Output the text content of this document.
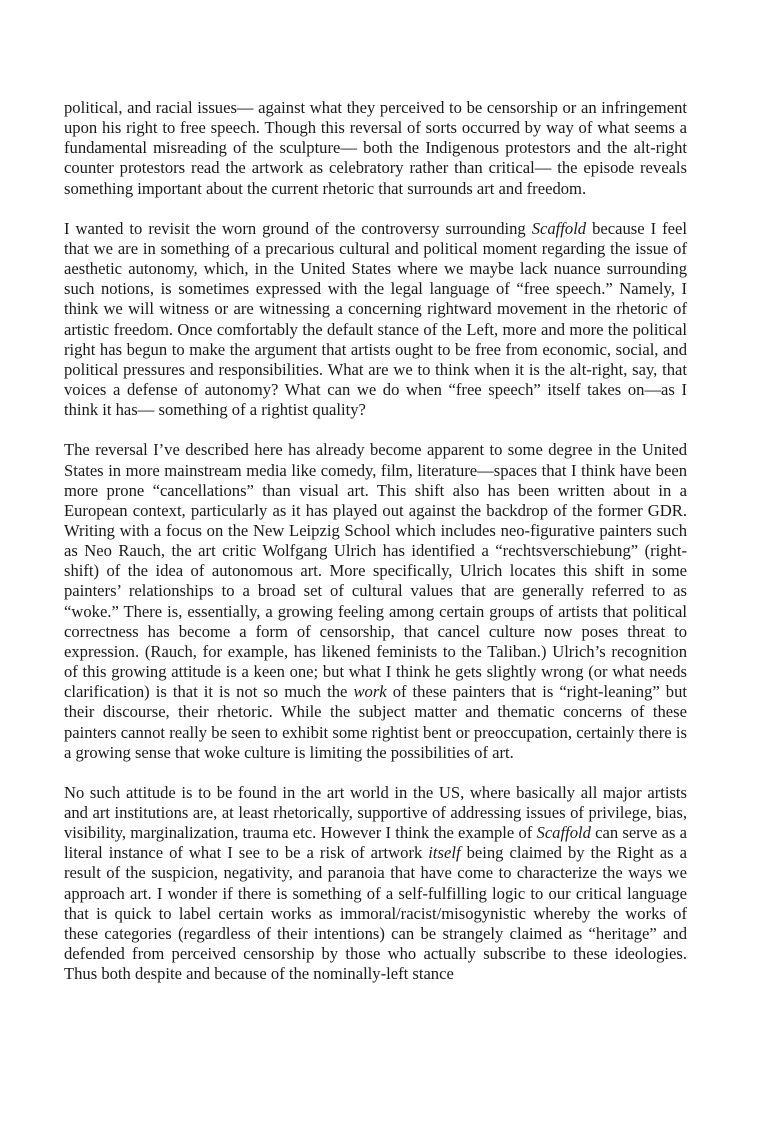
political, and racial issues— against what they perceived to be censorship or an infringement upon his right to free speech. Though this reversal of sorts occurred by way of what seems a fundamental misreading of the sculpture— both the Indigenous protestors and the alt-right counter protestors read the artwork as celebratory rather than critical— the episode reveals something important about the current rhetoric that surrounds art and freedom.

I wanted to revisit the worn ground of the controversy surrounding Scaffold because I feel that we are in something of a precarious cultural and political moment regarding the issue of aesthetic autonomy, which, in the United States where we maybe lack nuance surrounding such notions, is sometimes expressed with the legal language of “free speech.” Namely, I think we will witness or are witnessing a concerning rightward movement in the rhetoric of artistic freedom. Once comfortably the default stance of the Left, more and more the political right has begun to make the argument that artists ought to be free from economic, social, and political pressures and responsibilities. What are we to think when it is the alt-right, say, that voices a defense of autonomy? What can we do when “free speech” itself takes on—as I think it has— something of a rightist quality?

The reversal I’ve described here has already become apparent to some degree in the United States in more mainstream media like comedy, film, literature—spaces that I think have been more prone “cancellations” than visual art. This shift also has been written about in a European context, particularly as it has played out against the backdrop of the former GDR. Writing with a focus on the New Leipzig School which includes neo-figurative painters such as Neo Rauch, the art critic Wolfgang Ulrich has identified a “rechtsverschiebung” (right-shift) of the idea of autonomous art. More specifically, Ulrich locates this shift in some painters’ relationships to a broad set of cultural values that are generally referred to as “woke.” There is, essentially, a growing feeling among certain groups of artists that political correctness has become a form of censorship, that cancel culture now poses threat to expression. (Rauch, for example, has likened feminists to the Taliban.) Ulrich’s recognition of this growing attitude is a keen one; but what I think he gets slightly wrong (or what needs clarification) is that it is not so much the work of these painters that is “right-leaning” but their discourse, their rhetoric. While the subject matter and thematic concerns of these painters cannot really be seen to exhibit some rightist bent or preoccupation, certainly there is a growing sense that woke culture is limiting the possibilities of art.

No such attitude is to be found in the art world in the US, where basically all major artists and art institutions are, at least rhetorically, supportive of addressing issues of privilege, bias, visibility, marginalization, trauma etc. However I think the example of Scaffold can serve as a literal instance of what I see to be a risk of artwork itself being claimed by the Right as a result of the suspicion, negativity, and paranoia that have come to characterize the ways we approach art. I wonder if there is something of a self-fulfilling logic to our critical language that is quick to label certain works as immoral/racist/misogynistic whereby the works of these categories (regardless of their intentions) can be strangely claimed as “heritage” and defended from perceived censorship by those who actually subscribe to these ideologies. Thus both despite and because of the nominally-left stance
